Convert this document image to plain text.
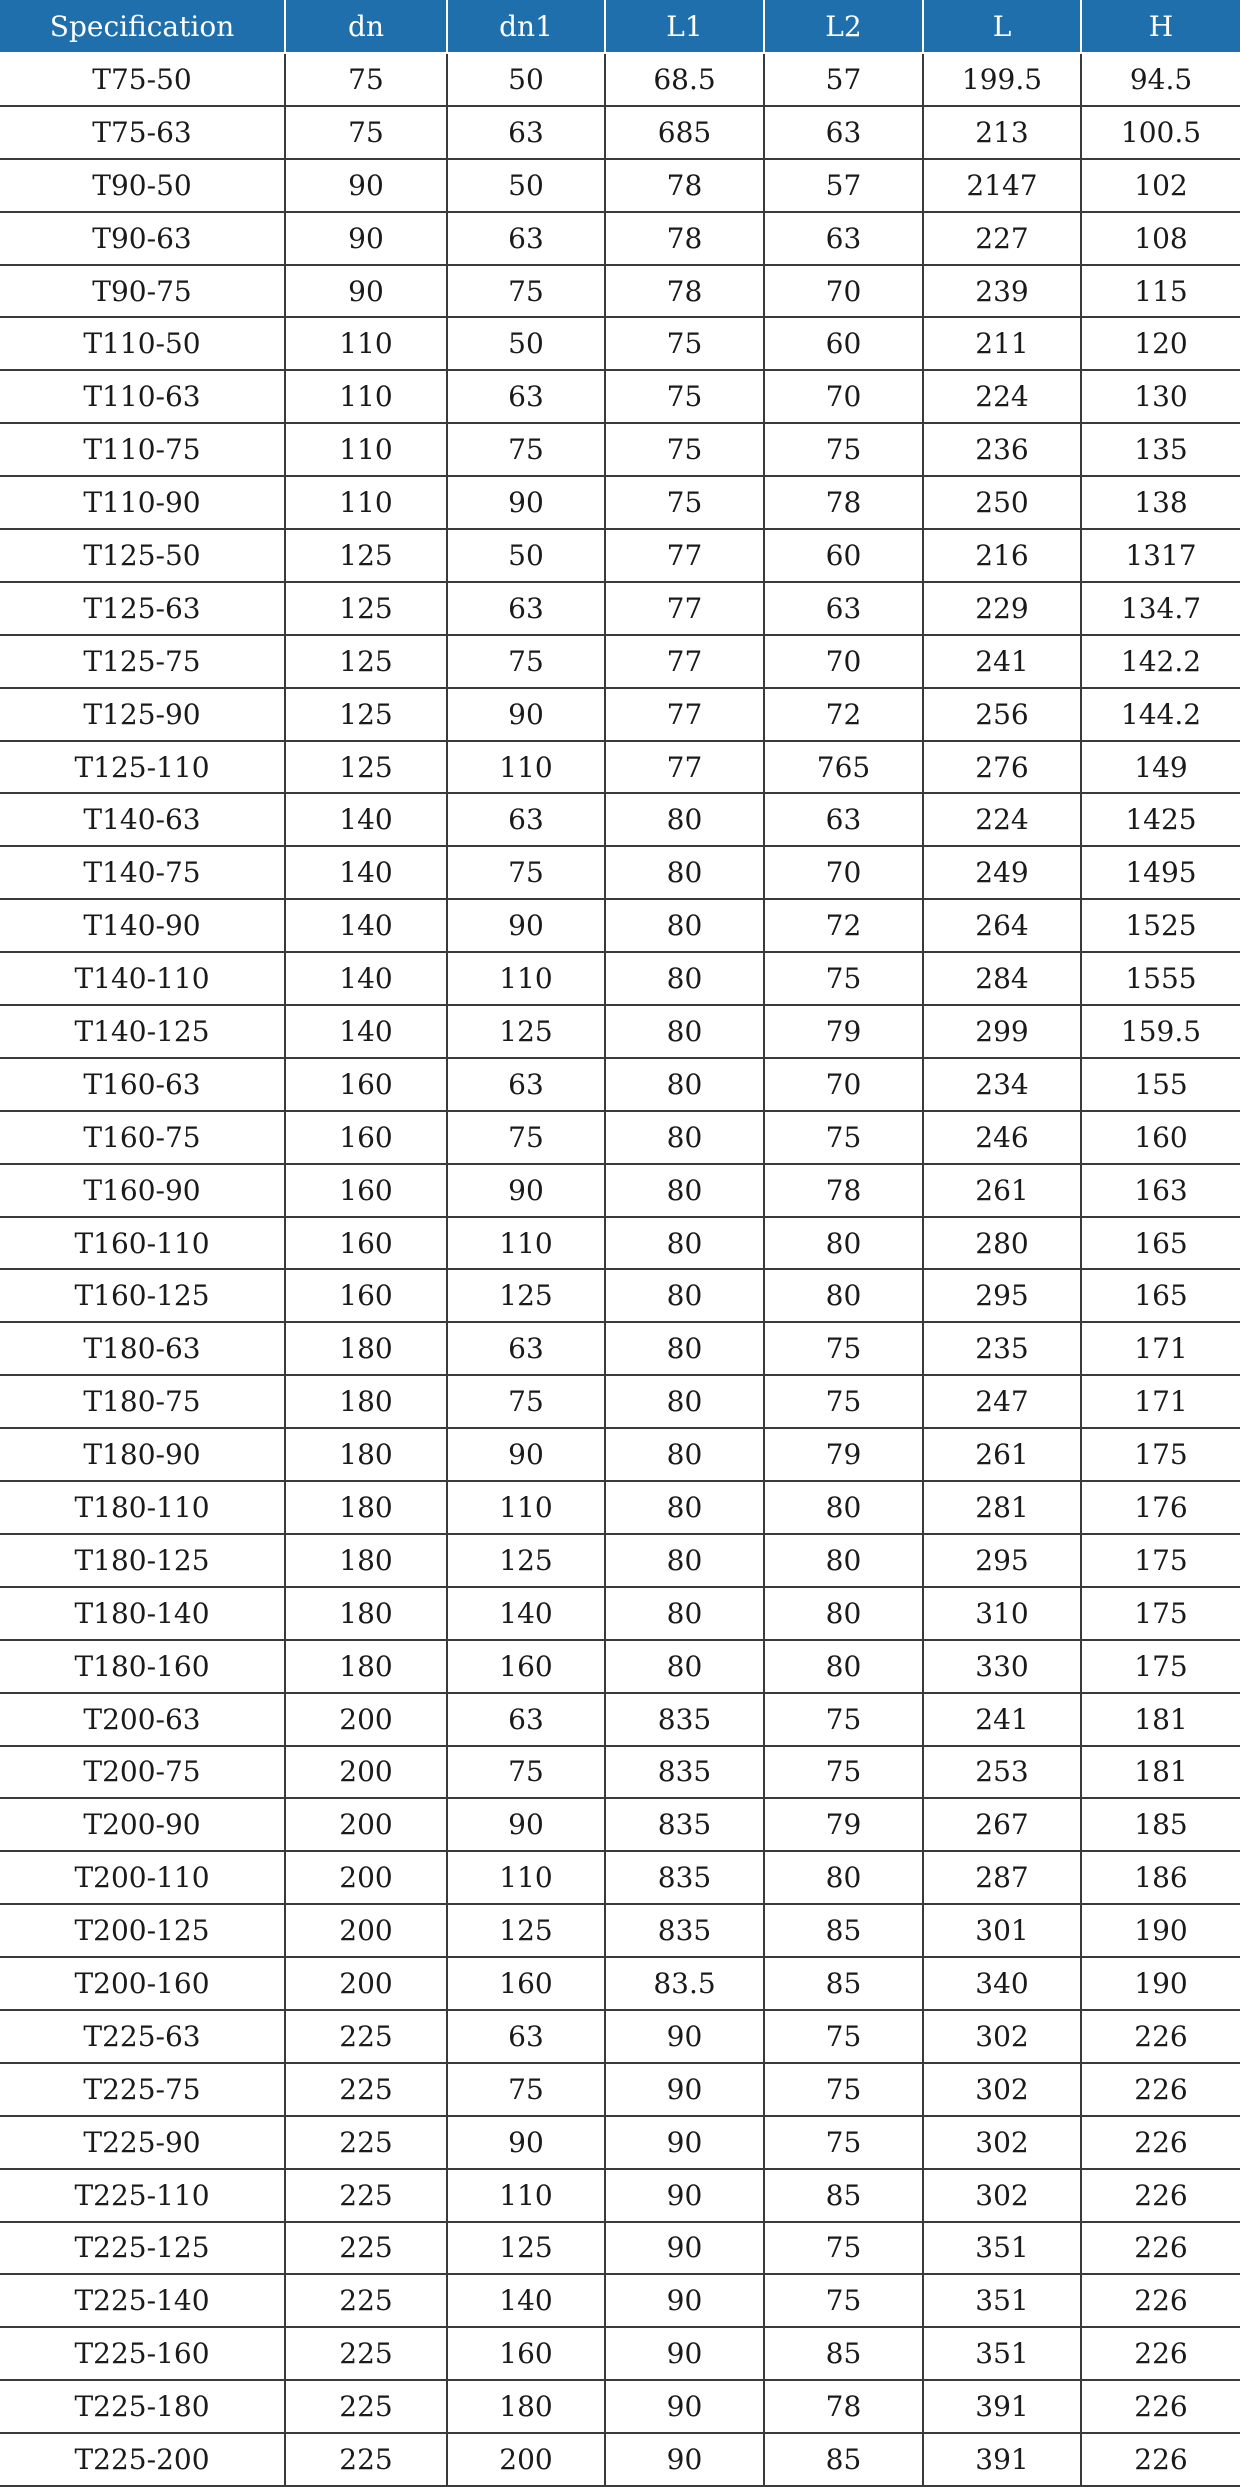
Specification	dn	dn1	L1	L2	L	H
T75-50	75	50	68.5	57	199.5	94.5
T75-63	75	63	685	63	213	100.5
T90-50	90	50	78	57	2147	102
T90-63	90	63	78	63	227	108
T90-75	90	75	78	70	239	115
T110-50	110	50	75	60	211	120
T110-63	110	63	75	70	224	130
T110-75	110	75	75	75	236	135
T110-90	110	90	75	78	250	138
T125-50	125	50	77	60	216	1317
T125-63	125	63	77	63	229	134.7
T125-75	125	75	77	70	241	142.2
T125-90	125	90	77	72	256	144.2
T125-110	125	110	77	765	276	149
T140-63	140	63	80	63	224	1425
T140-75	140	75	80	70	249	1495
T140-90	140	90	80	72	264	1525
T140-110	140	110	80	75	284	1555
T140-125	140	125	80	79	299	159.5
T160-63	160	63	80	70	234	155
T160-75	160	75	80	75	246	160
T160-90	160	90	80	78	261	163
T160-110	160	110	80	80	280	165
T160-125	160	125	80	80	295	165
T180-63	180	63	80	75	235	171
T180-75	180	75	80	75	247	171
T180-90	180	90	80	79	261	175
T180-110	180	110	80	80	281	176
T180-125	180	125	80	80	295	175
T180-140	180	140	80	80	310	175
T180-160	180	160	80	80	330	175
T200-63	200	63	835	75	241	181
T200-75	200	75	835	75	253	181
T200-90	200	90	835	79	267	185
T200-110	200	110	835	80	287	186
T200-125	200	125	835	85	301	190
T200-160	200	160	83.5	85	340	190
T225-63	225	63	90	75	302	226
T225-75	225	75	90	75	302	226
T225-90	225	90	90	75	302	226
T225-110	225	110	90	85	302	226
T225-125	225	125	90	75	351	226
T225-140	225	140	90	75	351	226
T225-160	225	160	90	85	351	226
T225-180	225	180	90	78	391	226
T225-200	225	200	90	85	391	226
